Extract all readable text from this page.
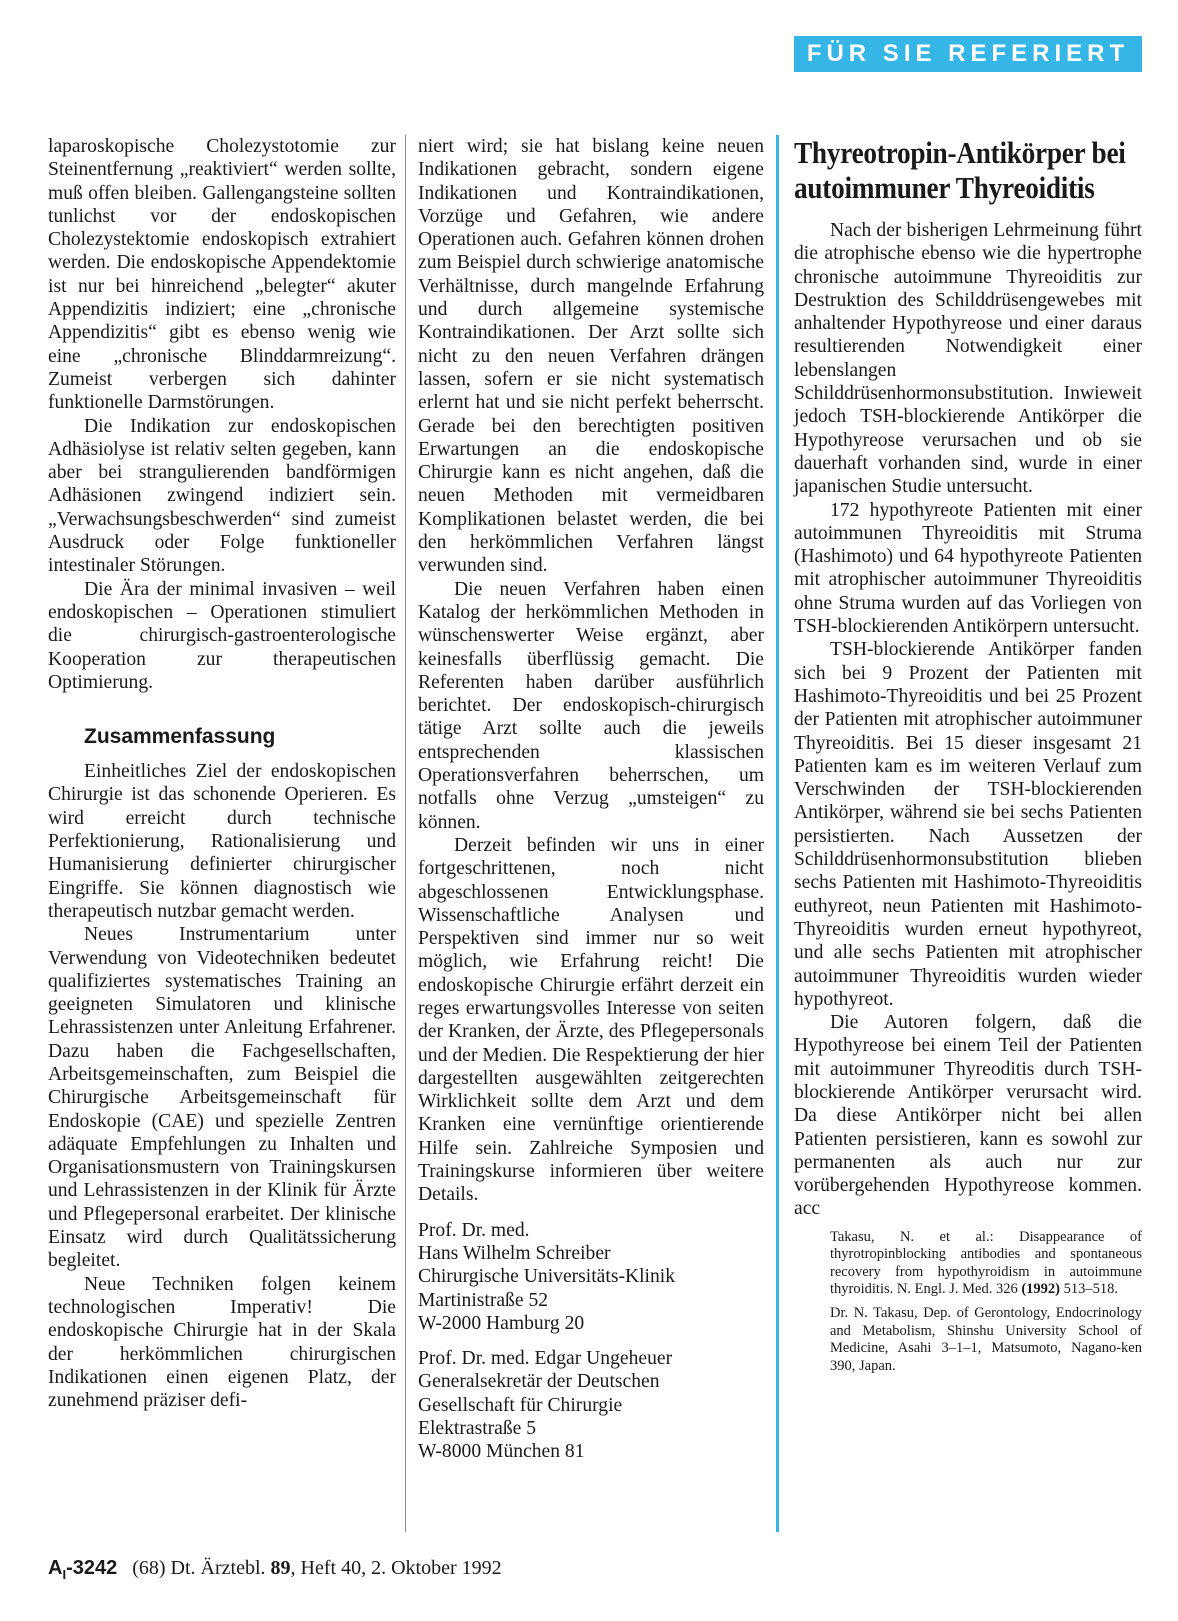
FÜR SIE REFERIERT

laparoskopische Cholezystotomie zur Steinentfernung „reaktiviert“ werden sollte, muß offen bleiben. Gallengangsteine sollten tunlichst vor der endoskopischen Cholezystektomie endoskopisch extrahiert werden. Die endoskopische Appendektomie ist nur bei hinreichend „belegter“ akuter Appendizitis indiziert; eine „chronische Appendizitis“ gibt es ebenso wenig wie eine „chronische Blinddarmreizung“. Zumeist verbergen sich dahinter funktionelle Darmstörungen.

Die Indikation zur endoskopischen Adhäsiolyse ist relativ selten gegeben, kann aber bei strangulierenden bandförmigen Adhäsionen zwingend indiziert sein. „Verwachsungsbeschwerden“ sind zumeist Ausdruck oder Folge funktioneller intestinaler Störungen.

Die Ära der minimal invasiven – weil endoskopischen – Operationen stimuliert die chirurgisch-gastroenterologische Kooperation zur therapeutischen Optimierung.

Zusammenfassung

Einheitliches Ziel der endoskopischen Chirurgie ist das schonende Operieren. Es wird erreicht durch technische Perfektionierung, Rationalisierung und Humanisierung definierter chirurgischer Eingriffe. Sie können diagnostisch wie therapeutisch nutzbar gemacht werden.

Neues Instrumentarium unter Verwendung von Videotechniken bedeutet qualifiziertes systematisches Training an geeigneten Simulatoren und klinische Lehrassistenzen unter Anleitung Erfahrener. Dazu haben die Fachgesellschaften, Arbeitsgemeinschaften, zum Beispiel die Chirurgische Arbeitsgemeinschaft für Endoskopie (CAE) und spezielle Zentren adäquate Empfehlungen zu Inhalten und Organisationsmustern von Trainingskursen und Lehrassistenzen in der Klinik für Ärzte und Pflegepersonal erarbeitet. Der klinische Einsatz wird durch Qualitätssicherung begleitet.

Neue Techniken folgen keinem technologischen Imperativ! Die endoskopische Chirurgie hat in der Skala der herkömmlichen chirurgischen Indikationen einen eigenen Platz, der zunehmend präziser defi-

niert wird; sie hat bislang keine neuen Indikationen gebracht, sondern eigene Indikationen und Kontraindikationen, Vorzüge und Gefahren, wie andere Operationen auch. Gefahren können drohen zum Beispiel durch schwierige anatomische Verhältnisse, durch mangelnde Erfahrung und durch allgemeine systemische Kontraindikationen. Der Arzt sollte sich nicht zu den neuen Verfahren drängen lassen, sofern er sie nicht systematisch erlernt hat und sie nicht perfekt beherrscht. Gerade bei den berechtigten positiven Erwartungen an die endoskopische Chirurgie kann es nicht angehen, daß die neuen Methoden mit vermeidbaren Komplikationen belastet werden, die bei den herkömmlichen Verfahren längst verwunden sind.

Die neuen Verfahren haben einen Katalog der herkömmlichen Methoden in wünschenswerter Weise ergänzt, aber keinesfalls überflüssig gemacht. Die Referenten haben darüber ausführlich berichtet. Der endoskopisch-chirurgisch tätige Arzt sollte auch die jeweils entsprechenden klassischen Operationsverfahren beherrschen, um notfalls ohne Verzug „umsteigen“ zu können.

Derzeit befinden wir uns in einer fortgeschrittenen, noch nicht abgeschlossenen Entwicklungsphase. Wissenschaftliche Analysen und Perspektiven sind immer nur so weit möglich, wie Erfahrung reicht! Die endoskopische Chirurgie erfährt derzeit ein reges erwartungsvolles Interesse von seiten der Kranken, der Ärzte, des Pflegepersonals und der Medien. Die Respektierung der hier dargestellten ausgewählten zeitgerechten Wirklichkeit sollte dem Arzt und dem Kranken eine vernünftige orientierende Hilfe sein. Zahlreiche Symposien und Trainingskurse informieren über weitere Details.

Prof. Dr. med.
Hans Wilhelm Schreiber
Chirurgische Universitäts-Klinik
Martinistraße 52
W-2000 Hamburg 20
Prof. Dr. med. Edgar Ungeheuer
Generalsekretär der Deutschen
Gesellschaft für Chirurgie
Elektrastraße 5
W-8000 München 81
Thyreotropin-Antikörper bei autoimmuner Thyreoiditis

Nach der bisherigen Lehrmeinung führt die atrophische ebenso wie die hypertrophe chronische autoimmune Thyreoiditis zur Destruktion des Schilddrüsengewebes mit anhaltender Hypothyreose und einer daraus resultierenden Notwendigkeit einer lebenslangen Schilddrüsenhormonsubstitution. Inwieweit jedoch TSH-blockierende Antikörper die Hypothyreose verursachen und ob sie dauerhaft vorhanden sind, wurde in einer japanischen Studie untersucht.

172 hypothyreote Patienten mit einer autoimmunen Thyreoiditis mit Struma (Hashimoto) und 64 hypothyreote Patienten mit atrophischer autoimmuner Thyreoiditis ohne Struma wurden auf das Vorliegen von TSH-blockierenden Antikörpern untersucht.

TSH-blockierende Antikörper fanden sich bei 9 Prozent der Patienten mit Hashimoto-Thyreoiditis und bei 25 Prozent der Patienten mit atrophischer autoimmuner Thyreoiditis. Bei 15 dieser insgesamt 21 Patienten kam es im weiteren Verlauf zum Verschwinden der TSH-blockierenden Antikörper, während sie bei sechs Patienten persistierten. Nach Aussetzen der Schilddrüsenhormonsubstitution blieben sechs Patienten mit Hashimoto-Thyreoiditis euthyreot, neun Patienten mit Hashimoto-Thyreoiditis wurden erneut hypothyreot, und alle sechs Patienten mit atrophischer autoimmuner Thyreoiditis wurden wieder hypothyreot.

Die Autoren folgern, daß die Hypothyreose bei einem Teil der Patienten mit autoimmuner Thyreoditis durch TSH-blockierende Antikörper verursacht wird. Da diese Antikörper nicht bei allen Patienten persistieren, kann es sowohl zur permanenten als auch nur zur vorübergehenden Hypothyreose kommen. acc

Takasu, N. et al.: Disappearance of thyrotropinblocking antibodies and spontaneous recovery from hypothyroidism in autoimmune thyroiditis. N. Engl. J. Med. 326 (1992) 513–518.

Dr. N. Takasu, Dep. of Gerontology, Endocrinology and Metabolism, Shinshu University School of Medicine, Asahi 3–1–1, Matsumoto, Nagano-ken 390, Japan.

$A_I-3242$ (68) Dt. Ärztebl. 89, Heft 40, 2. Oktober 1992
